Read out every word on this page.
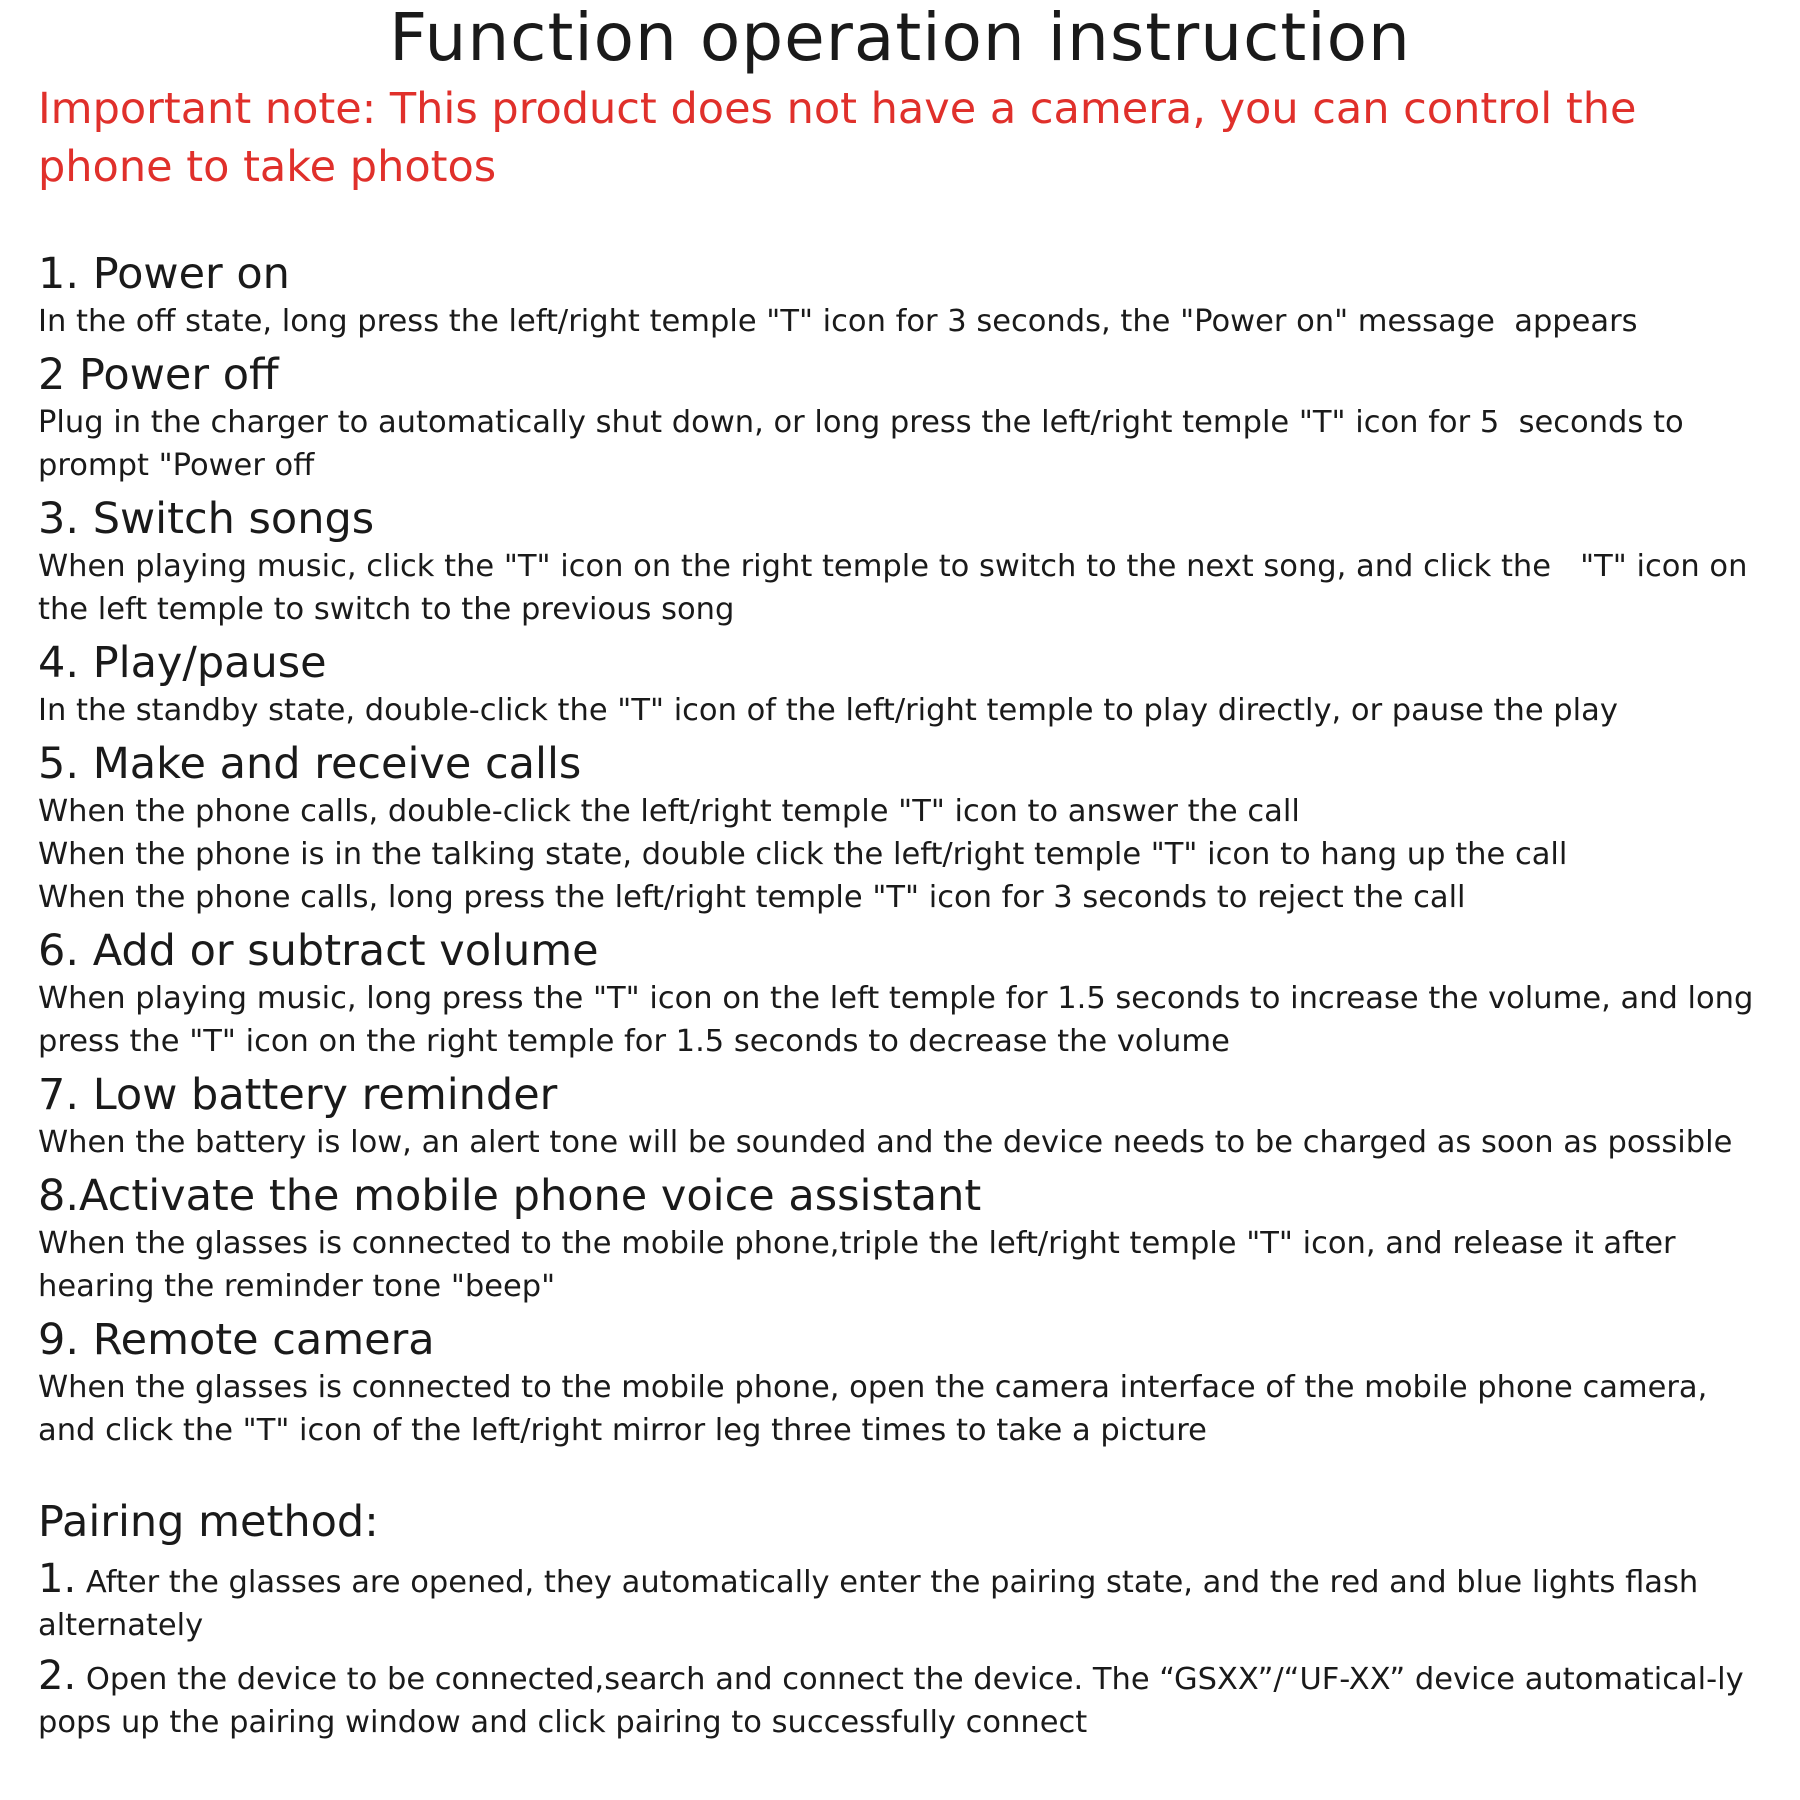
Function operation instruction

Important note: This product does not have a camera, you can control the phone to take photos

1. Power on

In the off state, long press the left/right temple "T" icon for 3 seconds, the "Power on" message  appears

2 Power off

Plug in the charger to automatically shut down, or long press the left/right temple "T" icon for 5  seconds to prompt "Power off

3. Switch songs

When playing music, click the "T" icon on the right temple to switch to the next song, and click the   "T" icon on the left temple to switch to the previous song

4. Play/pause

In the standby state, double-click the "T" icon of the left/right temple to play directly, or pause the play

5. Make and receive calls

When the phone calls, double-click the left/right temple "T" icon to answer the call

When the phone is in the talking state, double click the left/right temple "T" icon to hang up the call

When the phone calls, long press the left/right temple "T" icon for 3 seconds to reject the call

6. Add or subtract volume

When playing music, long press the "T" icon on the left temple for 1.5 seconds to increase the volume, and long press the "T" icon on the right temple for 1.5 seconds to decrease the volume

7. Low battery reminder

When the battery is low, an alert tone will be sounded and the device needs to be charged as soon as possible

8.Activate the mobile phone voice assistant

When the glasses is connected to the mobile phone,triple the left/right temple "T" icon, and release it after hearing the reminder tone "beep"

9. Remote camera

When the glasses is connected to the mobile phone, open the camera interface of the mobile phone camera, and click the "T" icon of the left/right mirror leg three times to take a picture

Pairing method:

1. After the glasses are opened, they automatically enter the pairing state, and the red and blue lights flash alternately

2. Open the device to be connected,search and connect the device. The “GSXX”/“UF-XX” device automatical-ly pops up the pairing window and click pairing to successfully connect
